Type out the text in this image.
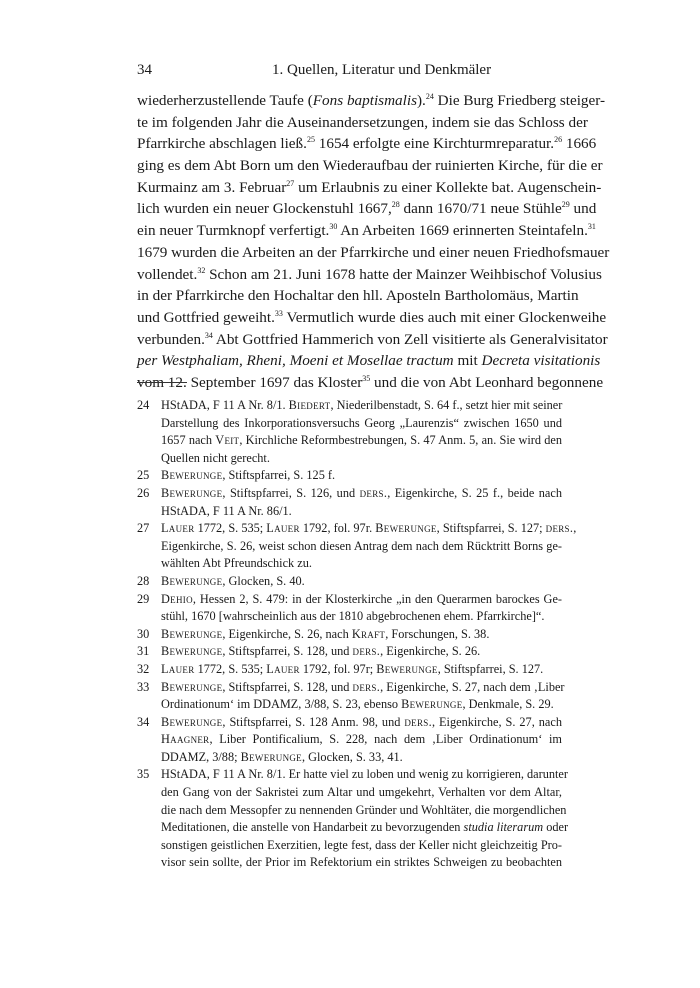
34	1. Quellen, Literatur und Denkmäler
wiederherzustellende Taufe (Fons baptismalis).$^{24}$ Die Burg Friedberg steiger-
te im folgenden Jahr die Auseinandersetzungen, indem sie das Schloss der
Pfarrkirche abschlagen ließ.$^{25}$ 1654 erfolgte eine Kirchturmreparatur.$^{26}$ 1666
ging es dem Abt Born um den Wiederaufbau der ruinierten Kirche, für die er
Kurmainz am 3. Februar$^{27}$ um Erlaubnis zu einer Kollekte bat. Augenschein-
lich wurden ein neuer Glockenstuhl 1667,28 dann 1670/71 neue Stühle$^{29}$ und
ein neuer Turmknopf verfertigt.$^{30}$ An Arbeiten 1669 erinnerten Steintafeln.$^{31}$
1679 wurden die Arbeiten an der Pfarrkirche und einer neuen Friedhofsmauer
vollendet.$^{32}$ Schon am 21. Juni 1678 hatte der Mainzer Weihbischof Volusius
in der Pfarrkirche den Hochaltar den hll. Aposteln Bartholomäus, Martin
und Gottfried geweiht.$^{33}$ Vermutlich wurde dies auch mit einer Glockenweihe
verbunden.$^{34}$ Abt Gottfried Hammerich von Zell visitierte als Generalvisitator
per Westphaliam, Rheni, Moeni et Mosellae tractum mit Decreta visitationis
vom 12. September 1697 das Kloster$^{35}$ und die von Abt Leonhard begonnene
24 HStADA, F 11 A Nr. 8/1. Biedert, Niederilbenstadt, S. 64 f., setzt hier mit seiner
Darstellung des Inkorporationsversuchs Georg „Laurenzis“ zwischen 1650 und
1657 nach Veit, Kirchliche Reformbestrebungen, S. 47 Anm. 5, an. Sie wird den
Quellen nicht gerecht.
25 Bewerunge, Stiftspfarrei, S. 125 f.
26 Bewerunge, Stiftspfarrei, S. 126, und ders., Eigenkirche, S. 25 f., beide nach
HStADA, F 11 A Nr. 86/1.
27 Lauer 1772, S. 535; Lauer 1792, fol. 97r. Bewerunge, Stiftspfarrei, S. 127; ders.,
Eigenkirche, S. 26, weist schon diesen Antrag dem nach dem Rücktritt Borns ge-
wählten Abt Pfreundschick zu.
28 Bewerunge, Glocken, S. 40.
29 Dehio, Hessen 2, S. 479: in der Klosterkirche „in den Querarmen barockes Ge-
stühl, 1670 [wahrscheinlich aus der 1810 abgebrochenen ehem. Pfarrkirche]“.
30 Bewerunge, Eigenkirche, S. 26, nach Kraft, Forschungen, S. 38.
31 Bewerunge, Stiftspfarrei, S. 128, und ders., Eigenkirche, S. 26.
32 Lauer 1772, S. 535; Lauer 1792, fol. 97r; Bewerunge, Stiftspfarrei, S. 127.
33 Bewerunge, Stiftspfarrei, S. 128, und ders., Eigenkirche, S. 27, nach dem ‚Liber
Ordinationum‘ im DDAMZ, 3/88, S. 23, ebenso Bewerunge, Denkmale, S. 29.
34 Bewerunge, Stiftspfarrei, S. 128 Anm. 98, und ders., Eigenkirche, S. 27, nach
Haagner, Liber Pontificalium, S. 228, nach dem ‚Liber Ordinationum‘ im
DDAMZ, 3/88; Bewerunge, Glocken, S. 33, 41.
35 HStADA, F 11 A Nr. 8/1. Er hatte viel zu loben und wenig zu korrigieren, darunter
den Gang von der Sakristei zum Altar und umgekehrt, Verhalten vor dem Altar,
die nach dem Messopfer zu nennenden Gründer und Wohltäter, die morgendlichen
Meditationen, die anstelle von Handarbeit zu bevorzugenden studia literarum oder
sonstigen geistlichen Exerzitien, legte fest, dass der Keller nicht gleichzeitig Pro-
visor sein sollte, der Prior im Refektorium ein striktes Schweigen zu beobachten
